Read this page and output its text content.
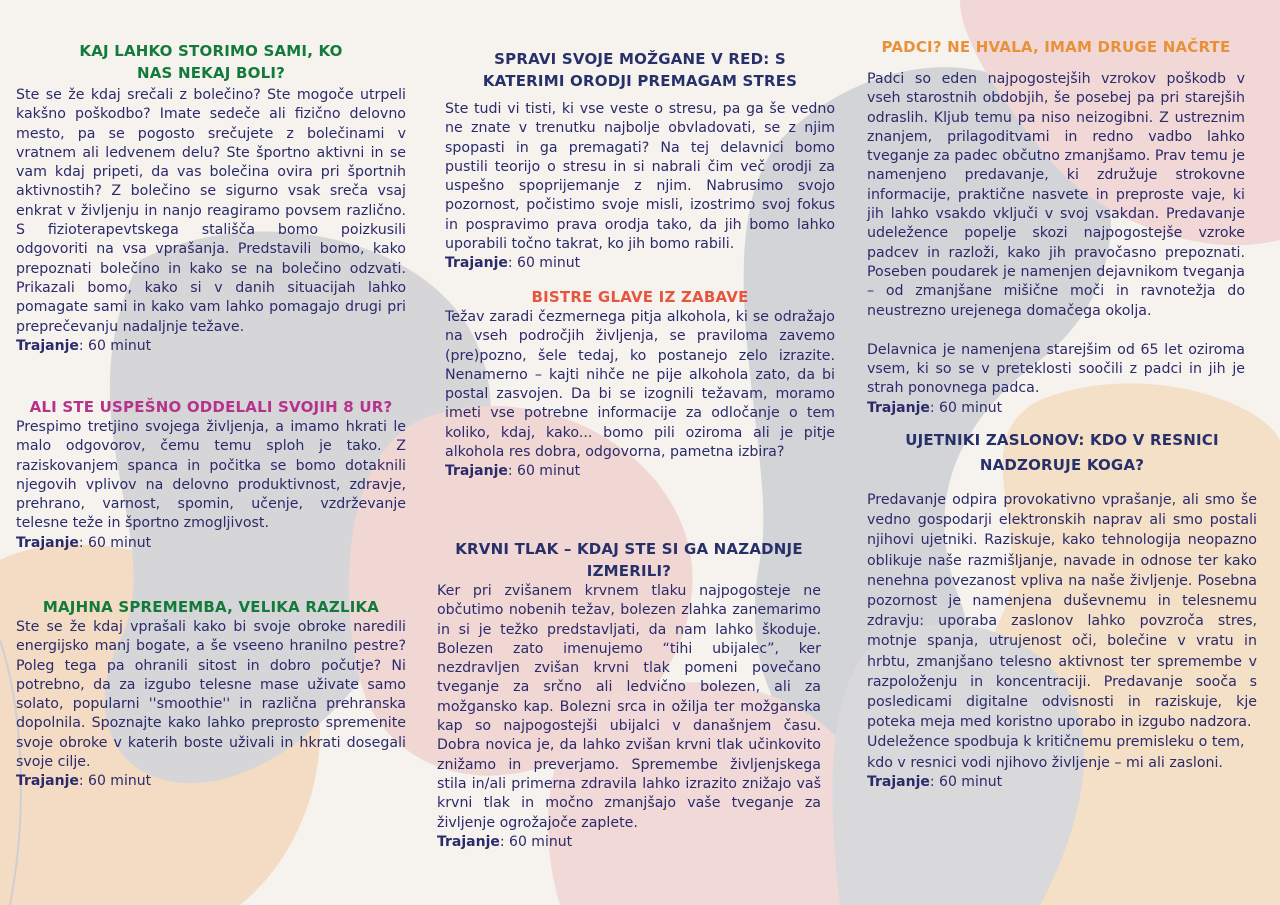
KAJ LAHKO STORIMO SAMI, KO NAS NEKAJ BOLI?

Ste se že kdaj srečali z bolečino? Ste mogoče utrpeli kakšno poškodbo? Imate sedeče ali fizično delovno mesto, pa se pogosto srečujete z bolečinami v vratnem ali ledvenem delu? Ste športno aktivni in se vam kdaj pripeti, da vas bolečina ovira pri športnih aktivnostih? Z bolečino se sigurno vsak sreča vsaj enkrat v življenju in nanjo reagiramo povsem različno. S fizioterapevtskega stališča bomo poizkusili odgovoriti na vsa vprašanja. Predstavili bomo, kako prepoznati bolečino in kako se na bolečino odzvati. Prikazali bomo, kako si v danih situacijah lahko pomagate sami in kako vam lahko pomagajo drugi pri preprečevanju nadaljnje težave.

Trajanje: 60 minut
ALI STE USPEŠNO ODDELALI SVOJIH 8 UR?

Prespimo tretjino svojega življenja, a imamo hkrati le malo odgovorov, čemu temu sploh je tako. Z raziskovanjem spanca in počitka se bomo dotaknili njegovih vplivov na delovno produktivnost, zdravje, prehrano, varnost, spomin, učenje, vzdrževanje telesne teže in športno zmogljivost.

Trajanje: 60 minut
MAJHNA SPREMEMBA, VELIKA RAZLIKA

Ste se že kdaj vprašali kako bi svoje obroke naredili energijsko manj bogate, a še vseeno hranilno pestre? Poleg tega pa ohranili sitost in dobro počutje? Ni potrebno, da za izgubo telesne mase uživate samo solato, popularni ''smoothie'' in različna prehranska dopolnila. Spoznajte kako lahko preprosto spremenite svoje obroke v katerih boste uživali in hkrati dosegali svoje cilje.

Trajanje: 60 minut
SPRAVI SVOJE MOŽGANE V RED: S KATERIMI ORODJI PREMAGAM STRES

Ste tudi vi tisti, ki vse veste o stresu, pa ga še vedno ne znate v trenutku najbolje obvladovati, se z njim spopasti in ga premagati? Na tej delavnici bomo pustili teorijo o stresu in si nabrali čim več orodji za uspešno spoprijemanje z njim. Nabrusimo svojo pozornost, počistimo svoje misli, izostrimo svoj fokus in pospravimo prava orodja tako, da jih bomo lahko uporabili točno takrat, ko jih bomo rabili.

Trajanje: 60 minut
BISTRE GLAVE IZ ZABAVE

Težav zaradi čezmernega pitja alkohola, ki se odražajo na vseh področjih življenja, se praviloma zavemo (pre)pozno, šele tedaj, ko postanejo zelo izrazite. Nenamerno – kajti nihče ne pije alkohola zato, da bi postal zasvojen. Da bi se izognili težavam, moramo imeti vse potrebne informacije za odločanje o tem koliko, kdaj, kako... bomo pili oziroma ali je pitje alkohola res dobra, odgovorna, pametna izbira?

Trajanje: 60 minut
KRVNI TLAK – KDAJ STE SI GA NAZADNJE IZMERILI?

Ker pri zvišanem krvnem tlaku najpogosteje ne občutimo nobenih težav, bolezen zlahka zanemarimo in si je težko predstavljati, da nam lahko škoduje. Bolezen zato imenujemo “tihi ubijalec”, ker nezdravljen zvišan krvni tlak pomeni povečano tveganje za srčno ali ledvično bolezen, ali za možgansko kap. Bolezni srca in ožilja ter možganska kap so najpogostejši ubijalci v današnjem času. Dobra novica je, da lahko zvišan krvni tlak učinkovito znižamo in preverjamo. Spremembe življenjskega stila in/ali primerna zdravila lahko izrazito znižajo vaš krvni tlak in močno zmanjšajo vaše tveganje za življenje ogrožajoče zaplete.

Trajanje: 60 minut
PADCI? NE HVALA, IMAM DRUGE NAČRTE

Padci so eden najpogostejših vzrokov poškodb v vseh starostnih obdobjih, še posebej pa pri starejših odraslih. Kljub temu pa niso neizogibni. Z ustreznim znanjem, prilagoditvami in redno vadbo lahko tveganje za padec občutno zmanjšamo. Prav temu je namenjeno predavanje, ki združuje strokovne informacije, praktične nasvete in preproste vaje, ki jih lahko vsakdo vključi v svoj vsakdan. Predavanje udeležence popelje skozi najpogostejše vzroke padcev in razloži, kako jih pravočasno prepoznati. Poseben poudarek je namenjen dejavnikom tveganja – od zmanjšane mišične moči in ravnotežja do neustrezno urejenega domačega okolja.

Delavnica je namenjena starejšim od 65 let oziroma vsem, ki so se v preteklosti soočili z padci in jih je strah ponovnega padca.

Trajanje: 60 minut
UJETNIKI ZASLONOV: KDO V RESNICI
NADZORUJE KOGA?

Predavanje odpira provokativno vprašanje, ali smo še vedno gospodarji elektronskih naprav ali smo postali njihovi ujetniki. Raziskuje, kako tehnologija neopazno oblikuje naše razmišljanje, navade in odnose ter kako nenehna povezanost vpliva na naše življenje. Posebna pozornost je namenjena duševnemu in telesnemu zdravju: uporaba zaslonov lahko povzroča stres, motnje spanja, utrujenost oči, bolečine v vratu in hrbtu, zmanjšano telesno aktivnost ter spremembe v razpoloženju in koncentraciji. Predavanje sooča s posledicami digitalne odvisnosti in raziskuje, kje poteka meja med koristno uporabo in izgubo nadzora.

Udeležence spodbuja k kritičnemu premisleku o tem, kdo v resnici vodi njihovo življenje – mi ali zasloni.

Trajanje: 60 minut
